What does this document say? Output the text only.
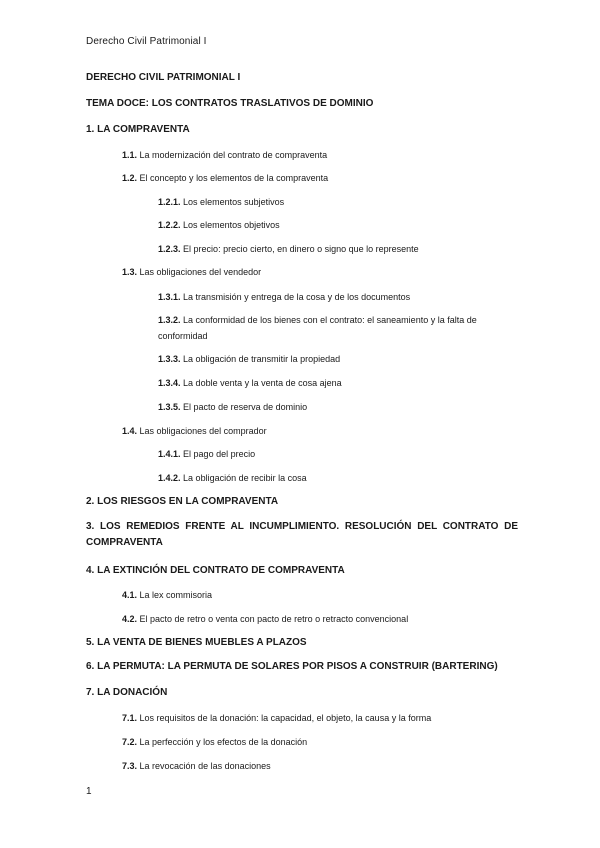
Derecho Civil Patrimonial I
DERECHO CIVIL PATRIMONIAL I
TEMA DOCE: LOS CONTRATOS TRASLATIVOS DE DOMINIO
1. LA COMPRAVENTA
1.1. La modernización del contrato de compraventa
1.2. El concepto y los elementos de la compraventa
1.2.1. Los elementos subjetivos
1.2.2. Los elementos objetivos
1.2.3. El precio: precio cierto, en dinero o signo que lo represente
1.3. Las obligaciones del vendedor
1.3.1. La transmisión y entrega de la cosa y de los documentos
1.3.2. La conformidad de los bienes con el contrato: el saneamiento y la falta de conformidad
1.3.3. La obligación de transmitir la propiedad
1.3.4. La doble venta y la venta de cosa ajena
1.3.5. El pacto de reserva de dominio
1.4. Las obligaciones del comprador
1.4.1. El pago del precio
1.4.2. La obligación de recibir la cosa
2. LOS RIESGOS EN LA COMPRAVENTA
3. LOS REMEDIOS FRENTE AL INCUMPLIMIENTO. RESOLUCIÓN DEL CONTRATO DE COMPRAVENTA
4. LA EXTINCIÓN DEL CONTRATO DE COMPRAVENTA
4.1. La lex commisoria
4.2. El pacto de retro o venta con pacto de retro o retracto convencional
5. LA VENTA DE BIENES MUEBLES A PLAZOS
6. LA PERMUTA: LA PERMUTA DE SOLARES POR PISOS A CONSTRUIR (BARTERING)
7. LA DONACIÓN
7.1. Los requisitos de la donación: la capacidad, el objeto, la causa y la forma
7.2. La perfección y los efectos de la donación
7.3. La revocación de las donaciones
1
